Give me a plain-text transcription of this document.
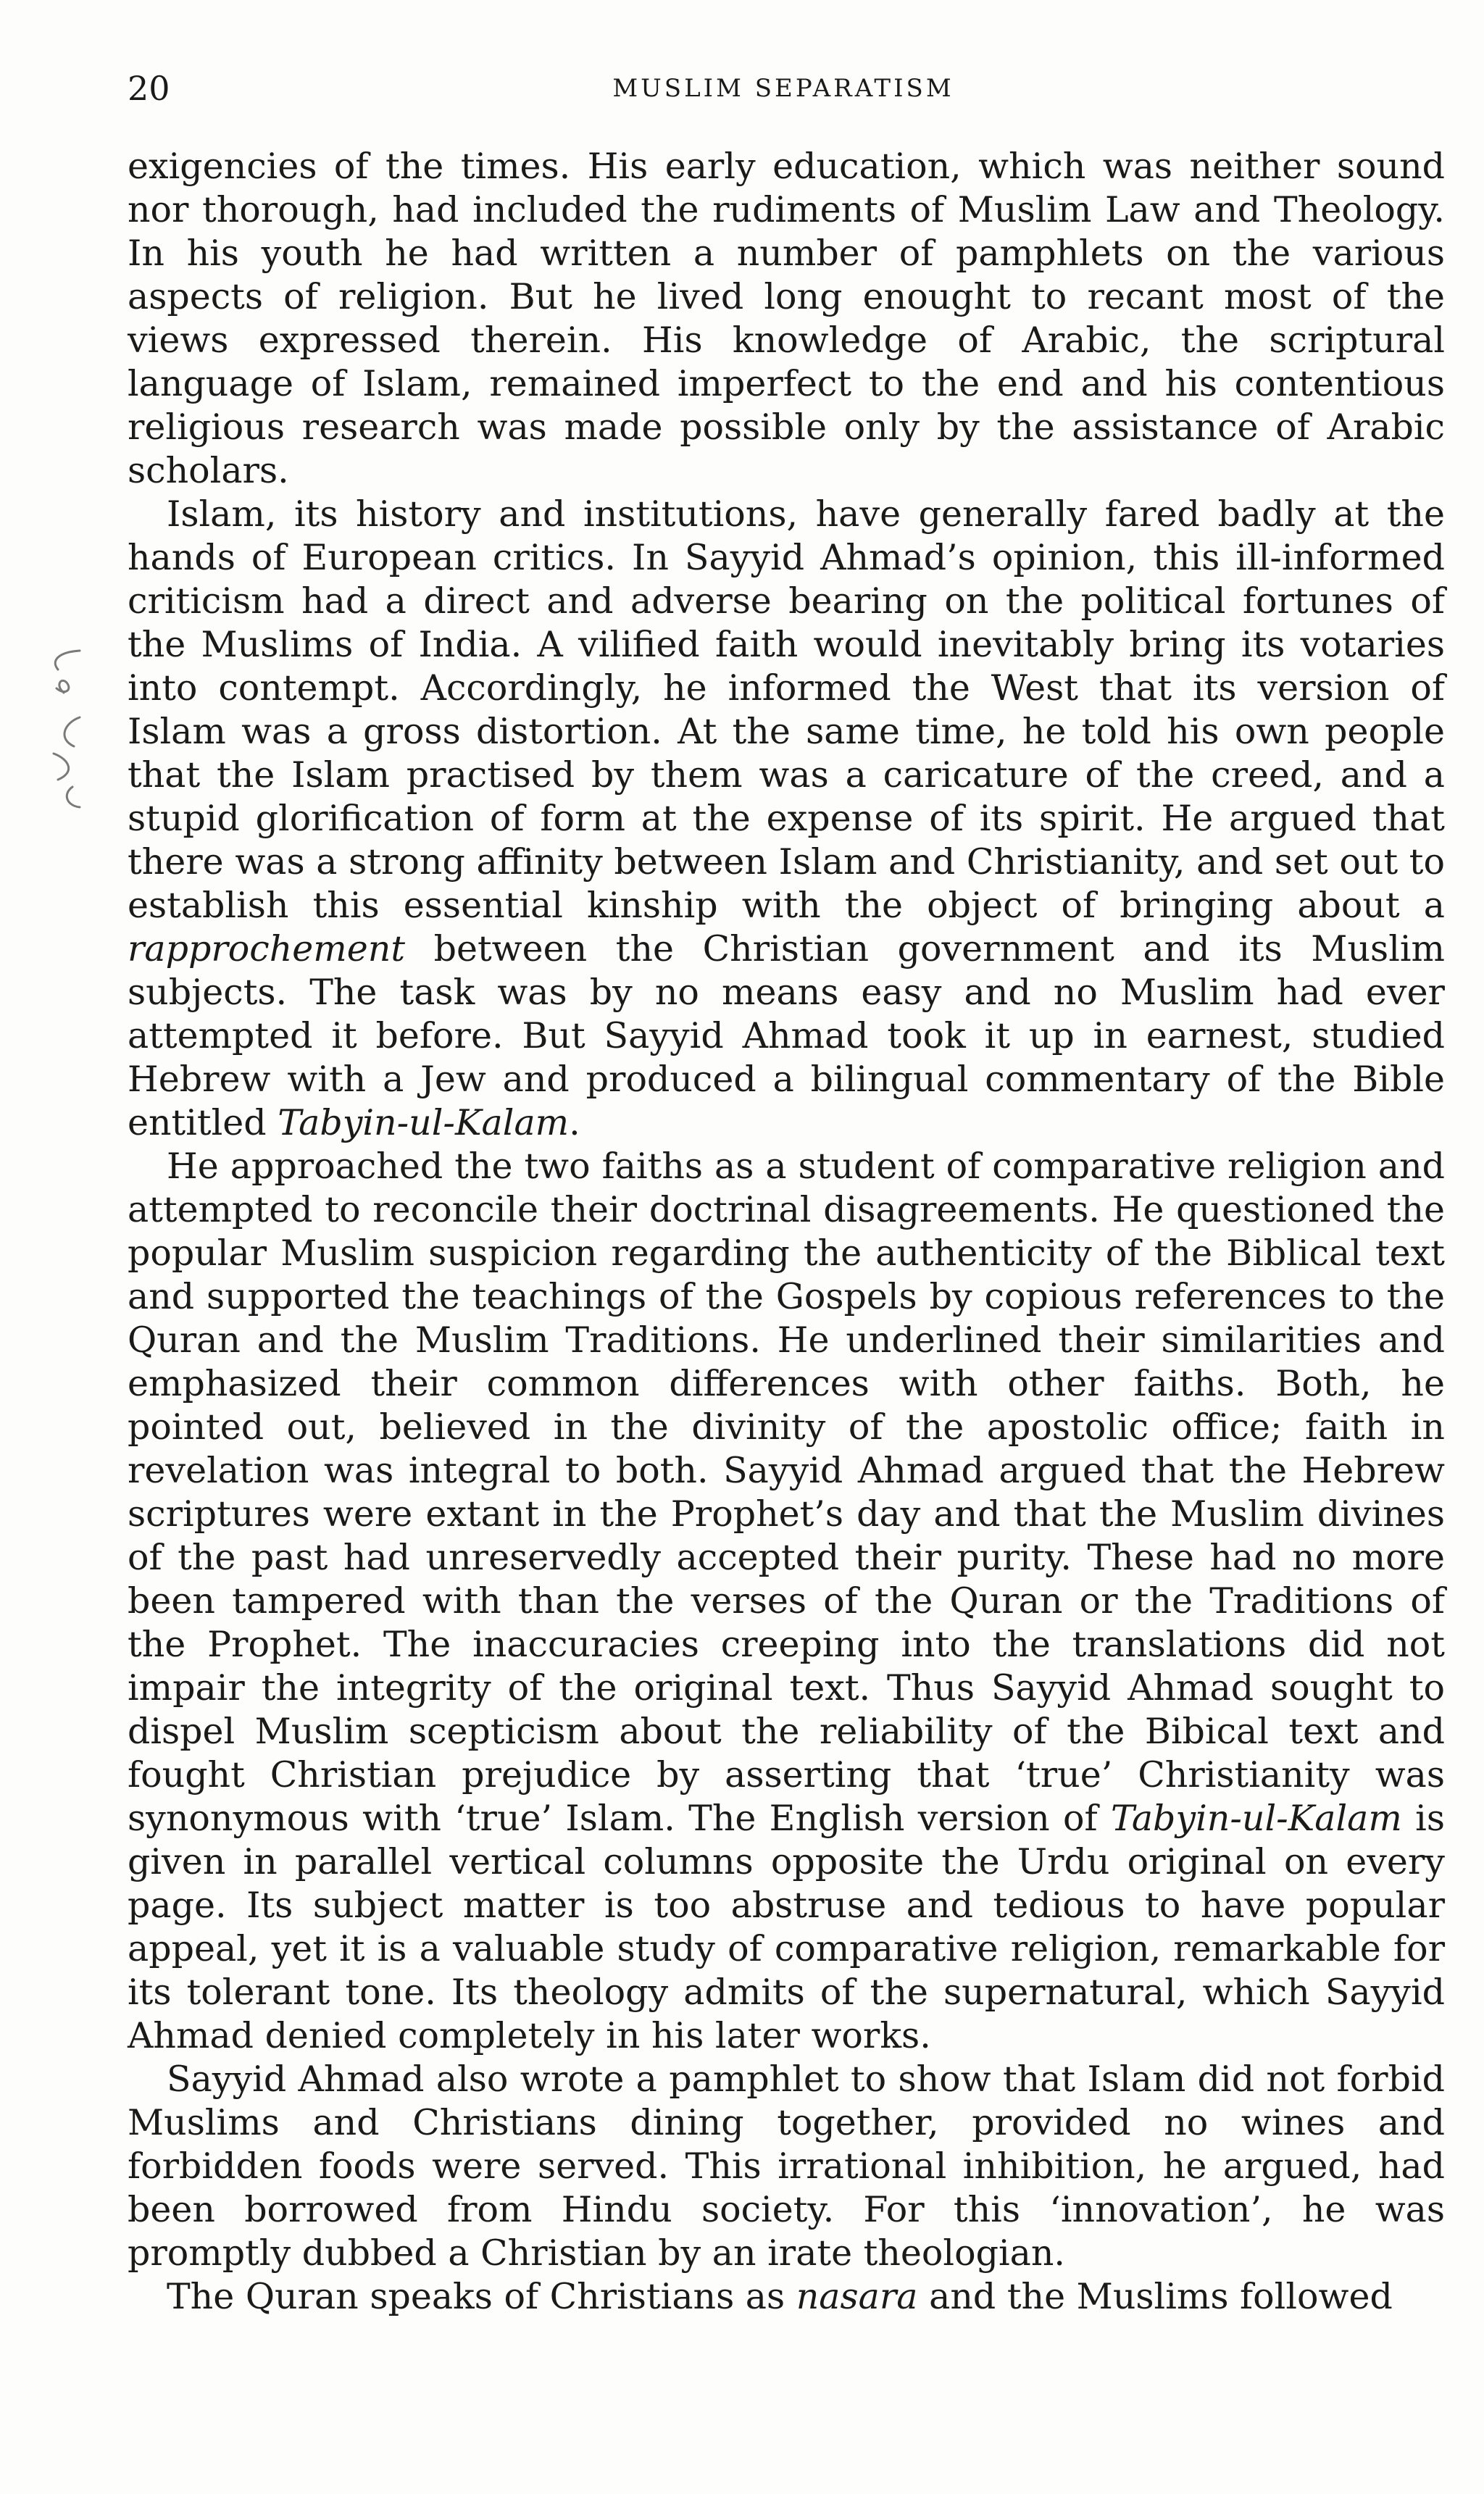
20	MUSLIM SEPARATISM

exigencies of the times. His early education, which was neither sound nor thorough, had included the rudiments of Muslim Law and Theology. In his youth he had written a number of pamphlets on the various aspects of religion. But he lived long enought to recant most of the views expressed therein. His knowledge of Arabic, the scriptural language of Islam, remained imperfect to the end and his contentious religious research was made possible only by the assistance of Arabic scholars.

Islam, its history and institutions, have generally fared badly at the hands of European critics. In Sayyid Ahmad’s opinion, this ill-informed criticism had a direct and adverse bearing on the political fortunes of the Muslims of India. A vilified faith would inevitably bring its votaries into contempt. Accordingly, he informed the West that its version of Islam was a gross distortion. At the same time, he told his own people that the Islam practised by them was a caricature of the creed, and a stupid glorification of form at the expense of its spirit. He argued that there was a strong affinity between Islam and Christianity, and set out to establish this essential kinship with the object of bringing about a rapprochement between the Christian government and its Muslim subjects. The task was by no means easy and no Muslim had ever attempted it before. But Sayyid Ahmad took it up in earnest, studied Hebrew with a Jew and produced a bilingual commentary of the Bible entitled Tabyin-ul-Kalam.

He approached the two faiths as a student of comparative religion and attempted to reconcile their doctrinal disagreements. He questioned the popular Muslim suspicion regarding the authenticity of the Biblical text and supported the teachings of the Gospels by copious references to the Quran and the Muslim Traditions. He underlined their similarities and emphasized their common differences with other faiths. Both, he pointed out, believed in the divinity of the apostolic office; faith in revelation was integral to both. Sayyid Ahmad argued that the Hebrew scriptures were extant in the Prophet’s day and that the Muslim divines of the past had unreservedly accepted their purity. These had no more been tampered with than the verses of the Quran or the Traditions of the Prophet. The inaccuracies creeping into the translations did not impair the integrity of the original text. Thus Sayyid Ahmad sought to dispel Muslim scepticism about the reliability of the Bibical text and fought Christian prejudice by asserting that ‘true’ Christianity was synonymous with ‘true’ Islam. The English version of Tabyin-ul-Kalam is given in parallel vertical columns opposite the Urdu original on every page. Its subject matter is too abstruse and tedious to have popular appeal, yet it is a valuable study of comparative religion, remarkable for its tolerant tone. Its theology admits of the supernatural, which Sayyid Ahmad denied completely in his later works.

Sayyid Ahmad also wrote a pamphlet to show that Islam did not forbid Muslims and Christians dining together, provided no wines and forbidden foods were served. This irrational inhibition, he argued, had been borrowed from Hindu society. For this ‘innovation’, he was promptly dubbed a Christian by an irate theologian.

The Quran speaks of Christians as nasara and the Muslims followed
